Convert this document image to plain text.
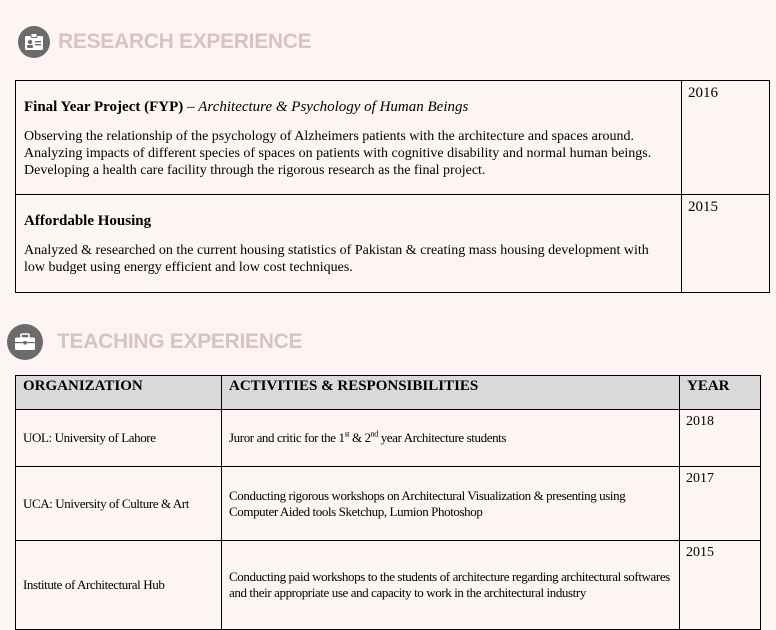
RESEARCH EXPERIENCE
Final Year Project (FYP) – Architecture & Psychology of Human Beings
Observing the relationship of the psychology of Alzheimers patients with the architecture and spaces around. Analyzing impacts of different species of spaces on patients with cognitive disability and normal human beings. Developing a health care facility through the rigorous research as the final project.	2016

Affordable Housing
Analyzed & researched on the current housing statistics of Pakistan & creating mass housing development with low budget using energy efficient and low cost techniques.	2015
TEACHING EXPERIENCE
ORGANIZATION	ACTIVITIES & RESPONSIBILITIES	YEAR
UOL: University of Lahore	Juror and critic for the 1st & 2nd year Architecture students	2018
UCA: University of Culture & Art	Conducting rigorous workshops on Architectural Visualization & presenting using Computer Aided tools Sketchup, Lumion Photoshop	2017
Institute of Architectural Hub	Conducting paid workshops to the students of architecture regarding architectural softwares and their appropriate use and capacity to work in the architectural industry	2015
